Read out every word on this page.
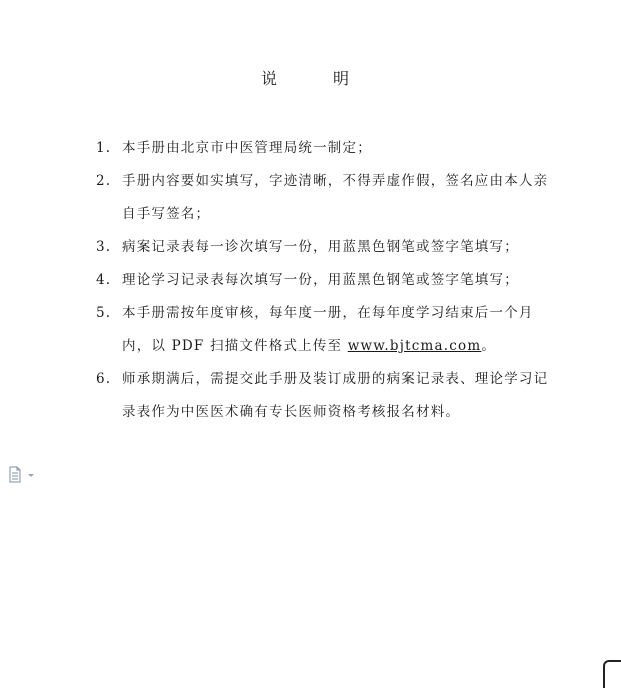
说　明
1. 本手册由北京市中医管理局统一制定；
2. 手册内容要如实填写，字迹清晰，不得弄虚作假，签名应由本人亲自手写签名；
3. 病案记录表每一诊次填写一份，用蓝黑色钢笔或签字笔填写；
4. 理论学习记录表每次填写一份，用蓝黑色钢笔或签字笔填写；
5. 本手册需按年度审核，每年度一册，在每年度学习结束后一个月内，以 PDF 扫描文件格式上传至 www.bjtcma.com。
6. 师承期满后，需提交此手册及装订成册的病案记录表、理论学习记录表作为中医医术确有专长医师资格考核报名材料。
